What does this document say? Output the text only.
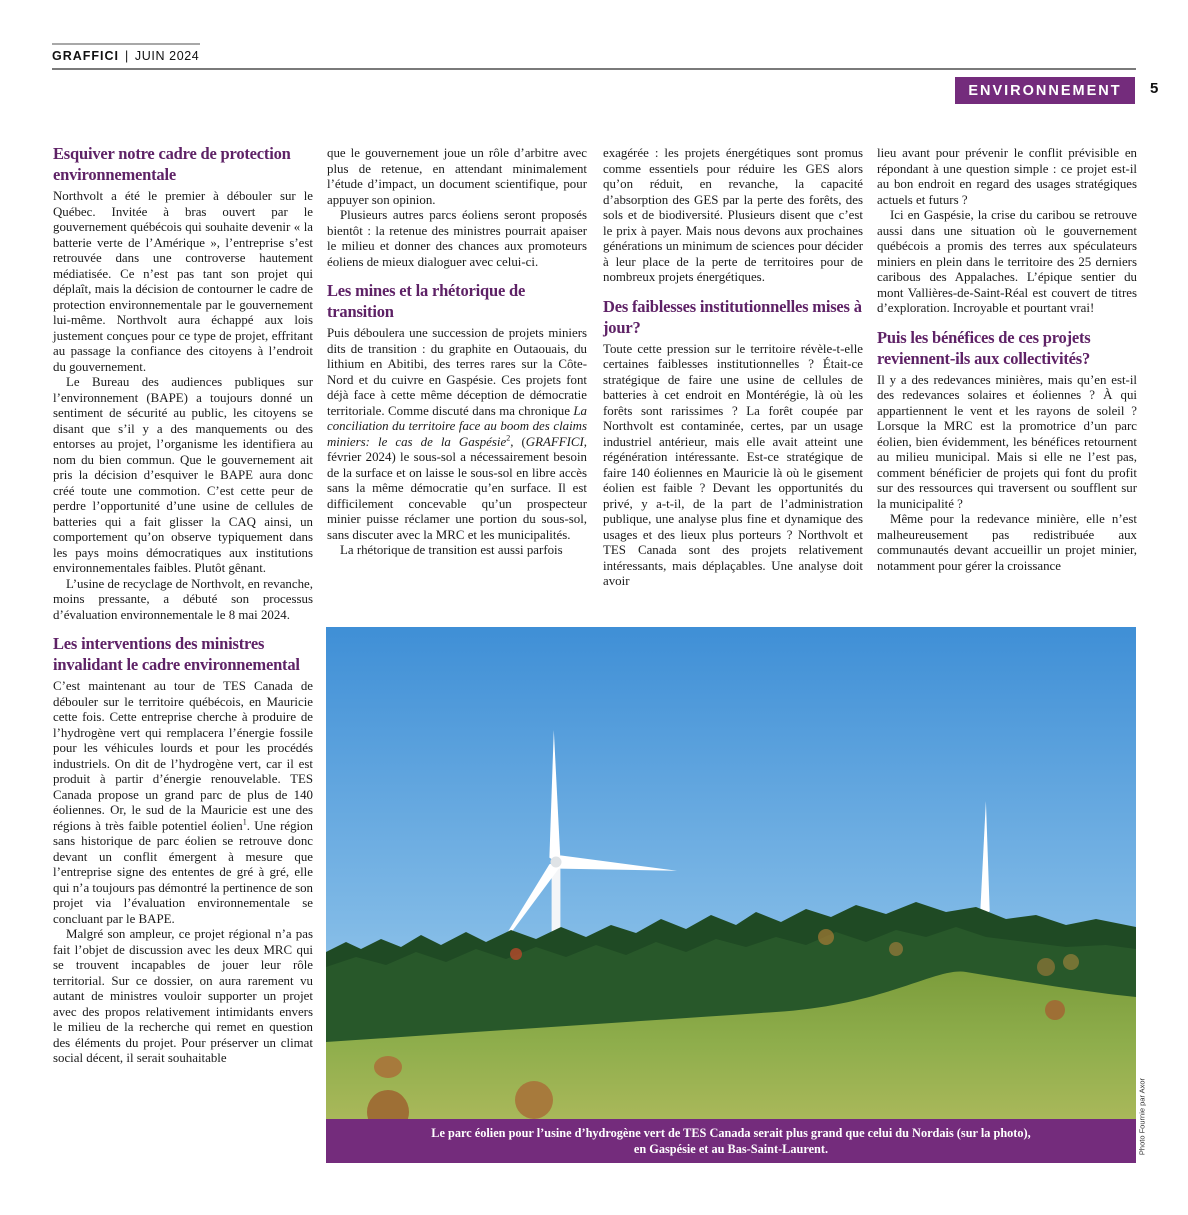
GRAFFICI | JUIN 2024
ENVIRONNEMENT	5
Esquiver notre cadre de protection environnementale

Northvolt a été le premier à débouler sur le Québec. Invitée à bras ouvert par le gouvernement québécois qui souhaite devenir « la batterie verte de l’Amérique », l’entreprise s’est retrouvée dans une controverse hautement médiatisée. Ce n’est pas tant son projet qui déplaît, mais la décision de contourner le cadre de protection environnementale par le gouvernement lui-même. Northvolt aura échappé aux lois justement conçues pour ce type de projet, effritant au passage la confiance des citoyens à l’endroit du gouvernement.

Le Bureau des audiences publiques sur l’environnement (BAPE) a toujours donné un sentiment de sécurité au public, les citoyens se disant que s’il y a des manquements ou des entorses au projet, l’organisme les identifiera au nom du bien commun. Que le gouvernement ait pris la décision d’esquiver le BAPE aura donc créé toute une commotion. C’est cette peur de perdre l’opportunité d’une usine de cellules de batteries qui a fait glisser la CAQ ainsi, un comportement qu’on observe typiquement dans les pays moins démocratiques aux institutions environnementales faibles. Plutôt gênant.

L’usine de recyclage de Northvolt, en revanche, moins pressante, a débuté son processus d’évaluation environnementale le 8 mai 2024.

Les interventions des ministres invalidant le cadre environnemental

C’est maintenant au tour de TES Canada de débouler sur le territoire québécois, en Mauricie cette fois. Cette entreprise cherche à produire de l’hydrogène vert qui remplacera l’énergie fossile pour les véhicules lourds et pour les procédés industriels. On dit de l’hydrogène vert, car il est produit à partir d’énergie renouvelable. TES Canada propose un grand parc de plus de 140 éoliennes. Or, le sud de la Mauricie est une des régions à très faible potentiel éolien$^1$. Une région sans historique de parc éolien se retrouve donc devant un conflit émergent à mesure que l’entreprise signe des ententes de gré à gré, elle qui n’a toujours pas démontré la pertinence de son projet via l’évaluation environnementale se concluant par le BAPE.

Malgré son ampleur, ce projet régional n’a pas fait l’objet de discussion avec les deux MRC qui se trouvent incapables de jouer leur rôle territorial. Sur ce dossier, on aura rarement vu autant de ministres vouloir supporter un projet avec des propos relativement intimidants envers le milieu de la recherche qui remet en question des éléments du projet. Pour préserver un climat social décent, il serait souhaitable

que le gouvernement joue un rôle d’arbitre avec plus de retenue, en attendant minimalement l’étude d’impact, un document scientifique, pour appuyer son opinion.

Plusieurs autres parcs éoliens seront proposés bientôt : la retenue des ministres pourrait apaiser le milieu et donner des chances aux promoteurs éoliens de mieux dialoguer avec celui-ci.

Les mines et la rhétorique de transition

Puis déboulera une succession de projets miniers dits de transition : du graphite en Outaouais, du lithium en Abitibi, des terres rares sur la Côte-Nord et du cuivre en Gaspésie. Ces projets font déjà face à cette même déception de démocratie territoriale. Comme discuté dans ma chronique La conciliation du territoire face au boom des claims miniers: le cas de la Gaspésie$^2$, (GRAFFICI, février 2024) le sous-sol a nécessairement besoin de la surface et on laisse le sous-sol en libre accès sans la même démocratie qu’en surface. Il est difficilement concevable qu’un prospecteur minier puisse réclamer une portion du sous-sol, sans discuter avec la MRC et les municipalités.

La rhétorique de transition est aussi parfois

exagérée : les projets énergétiques sont promus comme essentiels pour réduire les GES alors qu’on réduit, en revanche, la capacité d’absorption des GES par la perte des forêts, des sols et de biodiversité. Plusieurs disent que c’est le prix à payer. Mais nous devons aux prochaines générations un minimum de sciences pour décider à leur place de la perte de territoires pour de nombreux projets énergétiques.

Des faiblesses institutionnelles mises à jour?

Toute cette pression sur le territoire révèle-t-elle certaines faiblesses institutionnelles ? Était-ce stratégique de faire une usine de cellules de batteries à cet endroit en Montérégie, là où les forêts sont rarissimes ? La forêt coupée par Northvolt est contaminée, certes, par un usage industriel antérieur, mais elle avait atteint une régénération intéressante. Est-ce stratégique de faire 140 éoliennes en Mauricie là où le gisement éolien est faible ? Devant les opportunités du privé, y a-t-il, de la part de l’administration publique, une analyse plus fine et dynamique des usages et des lieux plus porteurs ? Northvolt et TES Canada sont des projets relativement intéressants, mais déplaçables. Une analyse doit avoir

lieu avant pour prévenir le conflit prévisible en répondant à une question simple : ce projet est-il au bon endroit en regard des usages stratégiques actuels et futurs ?

Ici en Gaspésie, la crise du caribou se retrouve aussi dans une situation où le gouvernement québécois a promis des terres aux spéculateurs miniers en plein dans le territoire des 25 derniers caribous des Appalaches. L’épique sentier du mont Vallières-de-Saint-Réal est couvert de titres d’exploration. Incroyable et pourtant vrai!

Puis les bénéfices de ces projets reviennent-ils aux collectivités?

Il y a des redevances minières, mais qu’en est-il des redevances solaires et éoliennes ? À qui appartiennent le vent et les rayons de soleil ? Lorsque la MRC est la promotrice d’un parc éolien, bien évidemment, les bénéfices retournent au milieu municipal. Mais si elle ne l’est pas, comment bénéficier de projets qui font du profit sur des ressources qui traversent ou soufflent sur la municipalité ?

Même pour la redevance minière, elle n’est malheureusement pas redistribuée aux communautés devant accueillir un projet minier, notamment pour gérer la croissance

Le parc éolien pour l’usine d’hydrogène vert de TES Canada serait plus grand que celui du Nordais (sur la photo),
en Gaspésie et au Bas-Saint-Laurent.	Photo Fournie par Axor
